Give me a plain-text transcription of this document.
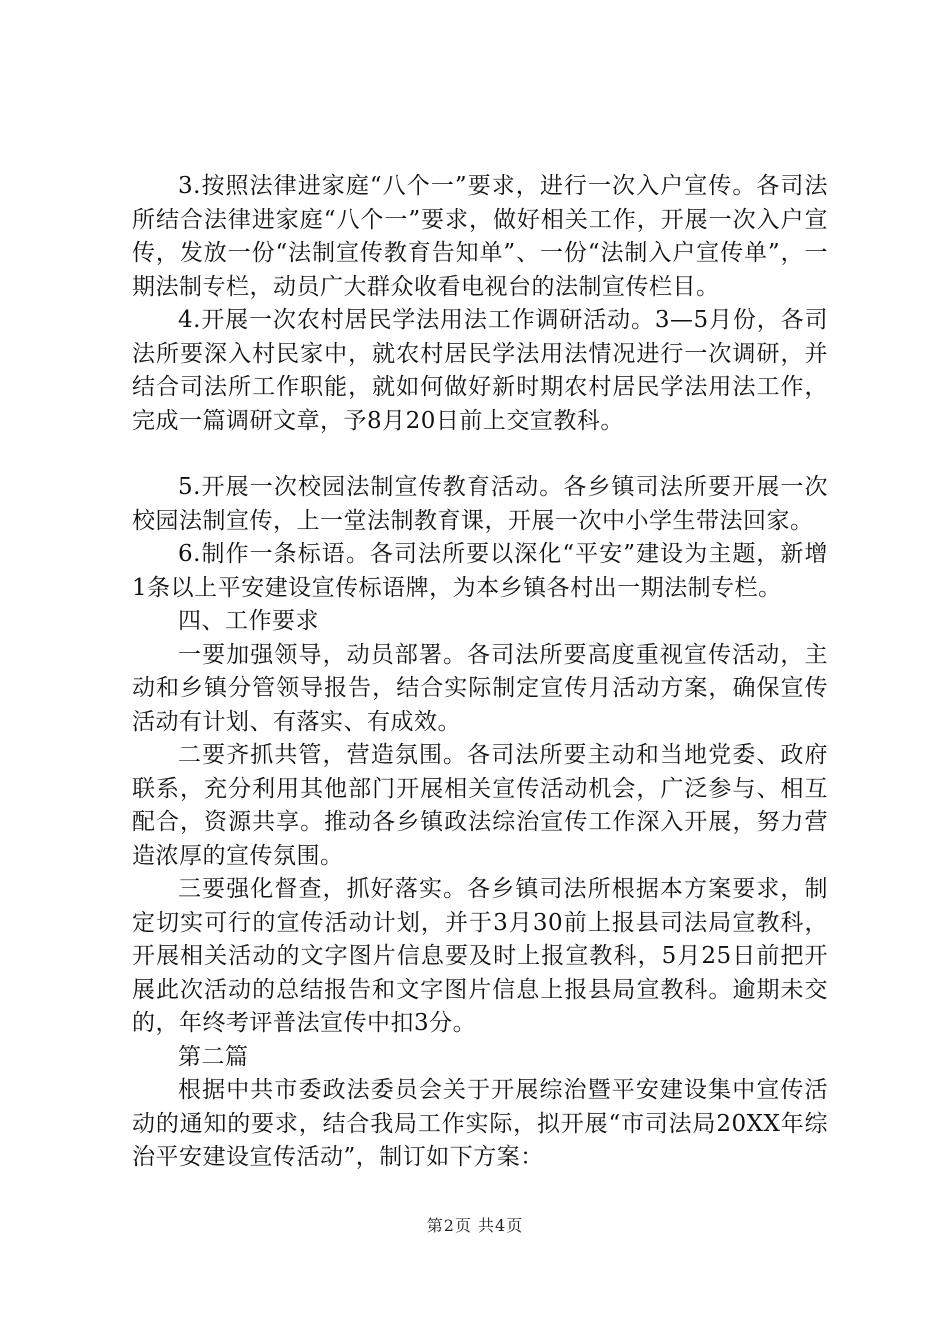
3.按照法律进家庭“八个一”要求，进行一次入户宣传。各司法所结合法律进家庭“八个一”要求，做好相关工作，开展一次入户宣传，发放一份“法制宣传教育告知单”、一份“法制入户宣传单”，一期法制专栏，动员广大群众收看电视台的法制宣传栏目。

4.开展一次农村居民学法用法工作调研活动。3—5月份，各司法所要深入村民家中，就农村居民学法用法情况进行一次调研，并结合司法所工作职能，就如何做好新时期农村居民学法用法工作，完成一篇调研文章，予8月20日前上交宣教科。

5.开展一次校园法制宣传教育活动。各乡镇司法所要开展一次校园法制宣传，上一堂法制教育课，开展一次中小学生带法回家。

6.制作一条标语。各司法所要以深化“平安”建设为主题，新增1条以上平安建设宣传标语牌，为本乡镇各村出一期法制专栏。

四、工作要求

一要加强领导，动员部署。各司法所要高度重视宣传活动，主动和乡镇分管领导报告，结合实际制定宣传月活动方案，确保宣传活动有计划、有落实、有成效。

二要齐抓共管，营造氛围。各司法所要主动和当地党委、政府联系，充分利用其他部门开展相关宣传活动机会，广泛参与、相互配合，资源共享。推动各乡镇政法综治宣传工作深入开展，努力营造浓厚的宣传氛围。

三要强化督查，抓好落实。各乡镇司法所根据本方案要求，制定切实可行的宣传活动计划，并于3月30前上报县司法局宣教科，开展相关活动的文字图片信息要及时上报宣教科，5月25日前把开展此次活动的总结报告和文字图片信息上报县局宣教科。逾期未交的，年终考评普法宣传中扣3分。

第二篇

根据中共市委政法委员会关于开展综治暨平安建设集中宣传活动的通知的要求，结合我局工作实际，拟开展“市司法局20XX年综治平安建设宣传活动”，制订如下方案：

第2页 共4页
